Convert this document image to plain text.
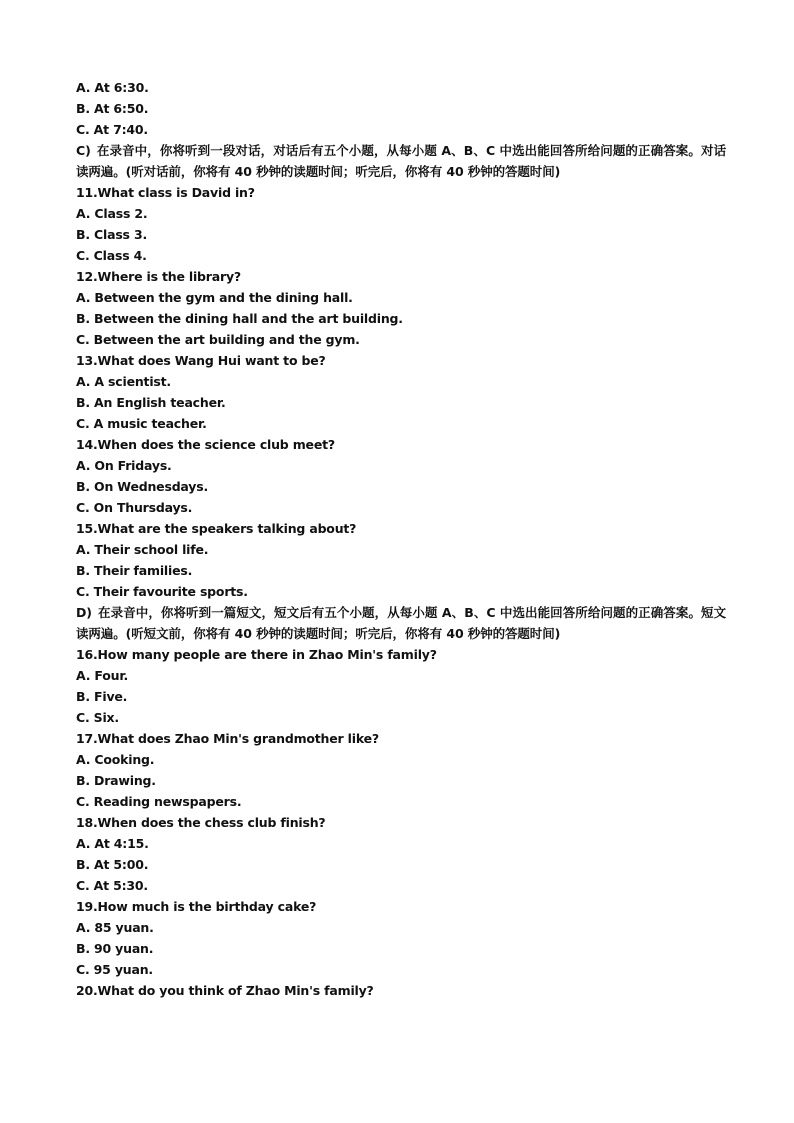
A. At 6:30.
B. At 6:50.
C. At 7:40.
C) 在录音中，你将听到一段对话，对话后有五个小题，从每小题 A、B、C 中选出能回答所给问题的正确答案。对话读两遍。(听对话前，你将有 40 秒钟的读题时间；听完后，你将有 40 秒钟的答题时间)
11.What class is David in?
A. Class 2.
B. Class 3.
C. Class 4.
12.Where is the library?
A. Between the gym and the dining hall.
B. Between the dining hall and the art building.
C. Between the art building and the gym.
13.What does Wang Hui want to be?
A. A scientist.
B. An English teacher.
C. A music teacher.
14.When does the science club meet?
A. On Fridays.
B. On Wednesdays.
C. On Thursdays.
15.What are the speakers talking about?
A. Their school life.
B. Their families.
C. Their favourite sports.
D) 在录音中，你将听到一篇短文，短文后有五个小题，从每小题 A、B、C 中选出能回答所给问题的正确答案。短文读两遍。(听短文前，你将有 40 秒钟的读题时间；听完后，你将有 40 秒钟的答题时间)
16.How many people are there in Zhao Min's family?
A. Four.
B. Five.
C. Six.
17.What does Zhao Min's grandmother like?
A. Cooking.
B. Drawing.
C. Reading newspapers.
18.When does the chess club finish?
A. At 4:15.
B. At 5:00.
C. At 5:30.
19.How much is the birthday cake?
A. 85 yuan.
B. 90 yuan.
C. 95 yuan.
20.What do you think of Zhao Min's family?
